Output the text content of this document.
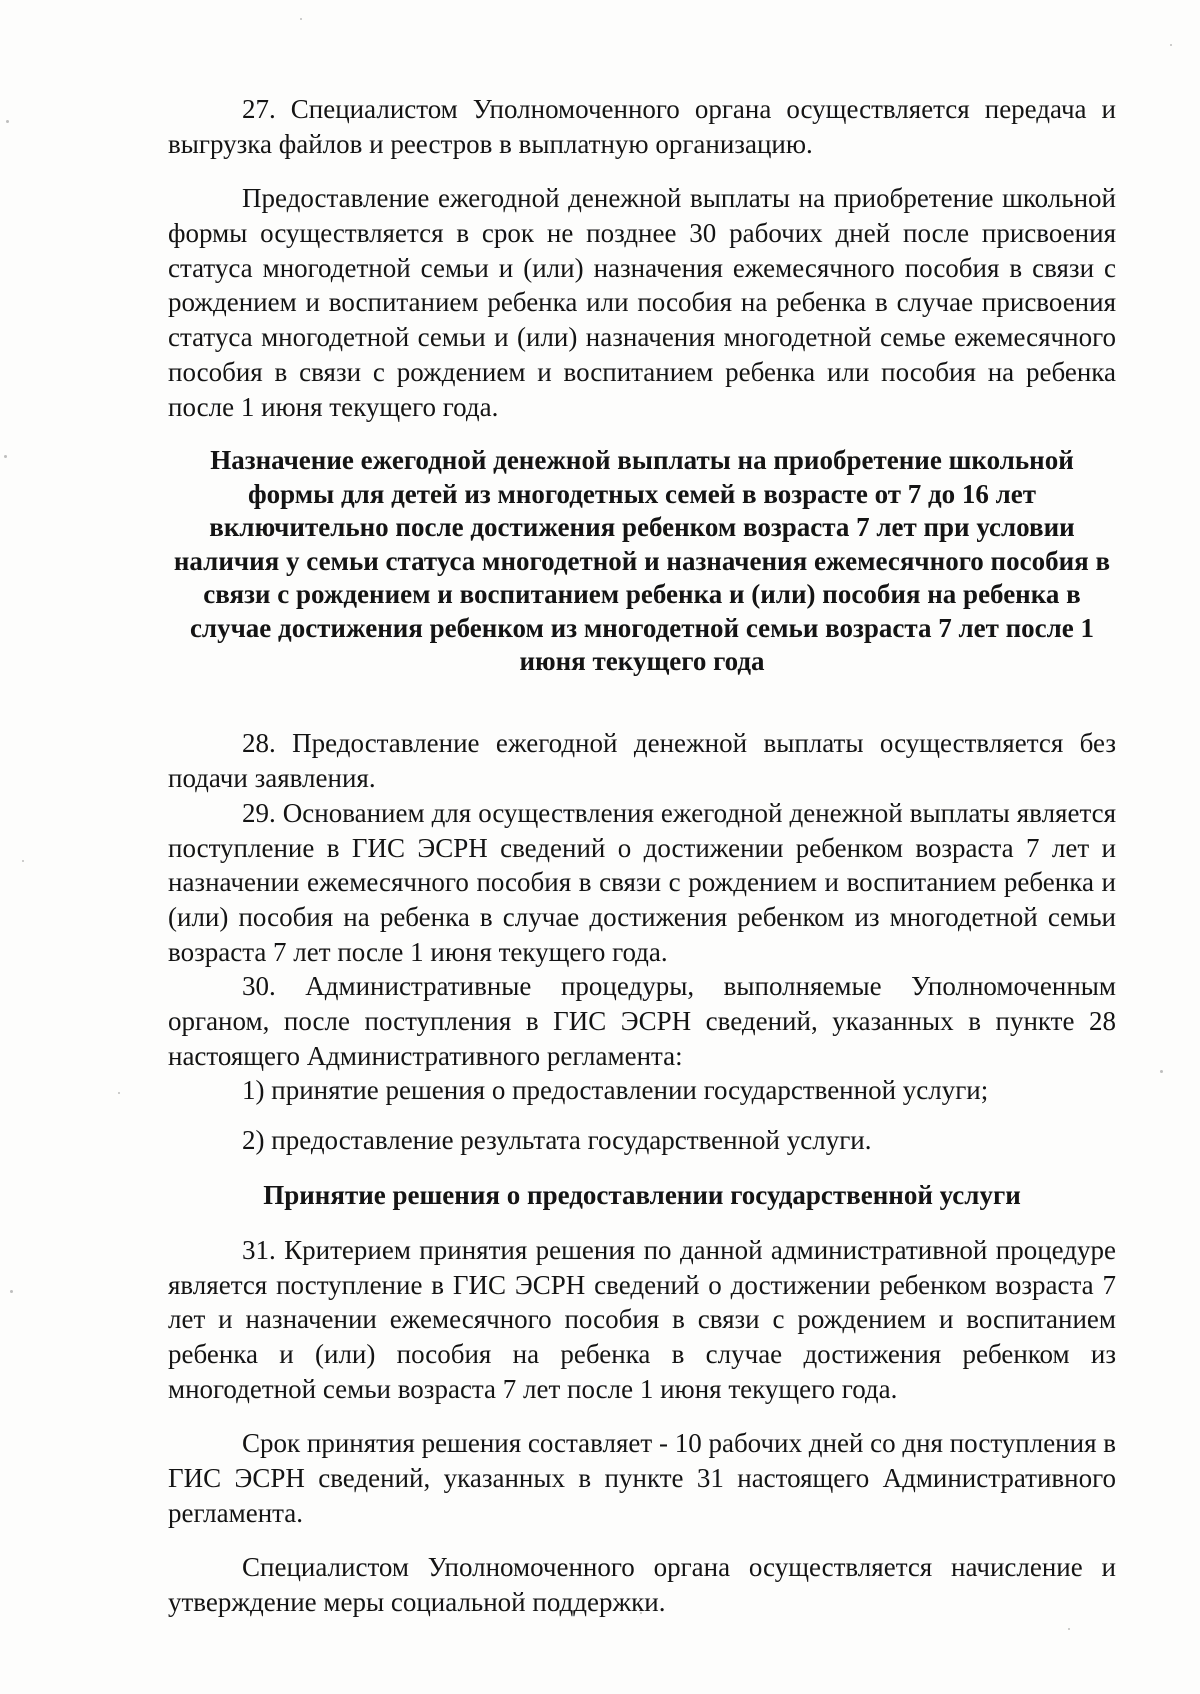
27. Специалистом Уполномоченного органа осуществляется передача и выгрузка файлов и реестров в выплатную организацию.

Предоставление ежегодной денежной выплаты на приобретение школьной формы осуществляется в срок не позднее 30 рабочих дней после присвоения статуса многодетной семьи и (или) назначения ежемесячного пособия в связи с рождением и воспитанием ребенка или пособия на ребенка в случае присвоения статуса многодетной семьи и (или) назначения многодетной семье ежемесячного пособия в связи с рождением и воспитанием ребенка или пособия на ребенка после 1 июня текущего года.

Назначение ежегодной денежной выплаты на приобретение школьной формы для детей из многодетных семей в возрасте от 7 до 16 лет включительно после достижения ребенком возраста 7 лет при условии наличия у семьи статуса многодетной и назначения ежемесячного пособия в связи с рождением и воспитанием ребенка и (или) пособия на ребенка в случае достижения ребенком из многодетной семьи возраста 7 лет после 1 июня текущего года

28. Предоставление ежегодной денежной выплаты осуществляется без подачи заявления.

29. Основанием для осуществления ежегодной денежной выплаты является поступление в ГИС ЭСРН сведений о достижении ребенком возраста 7 лет и назначении ежемесячного пособия в связи с рождением и воспитанием ребенка и (или) пособия на ребенка в случае достижения ребенком из многодетной семьи возраста 7 лет после 1 июня текущего года.

30. Административные процедуры, выполняемые Уполномоченным органом, после поступления в ГИС ЭСРН сведений, указанных в пункте 28 настоящего Административного регламента:

1) принятие решения о предоставлении государственной услуги;

2) предоставление результата государственной услуги.

Принятие решения о предоставлении государственной услуги

31. Критерием принятия решения по данной административной процедуре является поступление в ГИС ЭСРН сведений о достижении ребенком возраста 7 лет и назначении ежемесячного пособия в связи с рождением и воспитанием ребенка и (или) пособия на ребенка в случае достижения ребенком из многодетной семьи возраста 7 лет после 1 июня текущего года.

Срок принятия решения составляет - 10 рабочих дней со дня поступления в ГИС ЭСРН сведений, указанных в пункте 31 настоящего Административного регламента.

Специалистом Уполномоченного органа осуществляется начисление и утверждение меры социальной поддержки.
